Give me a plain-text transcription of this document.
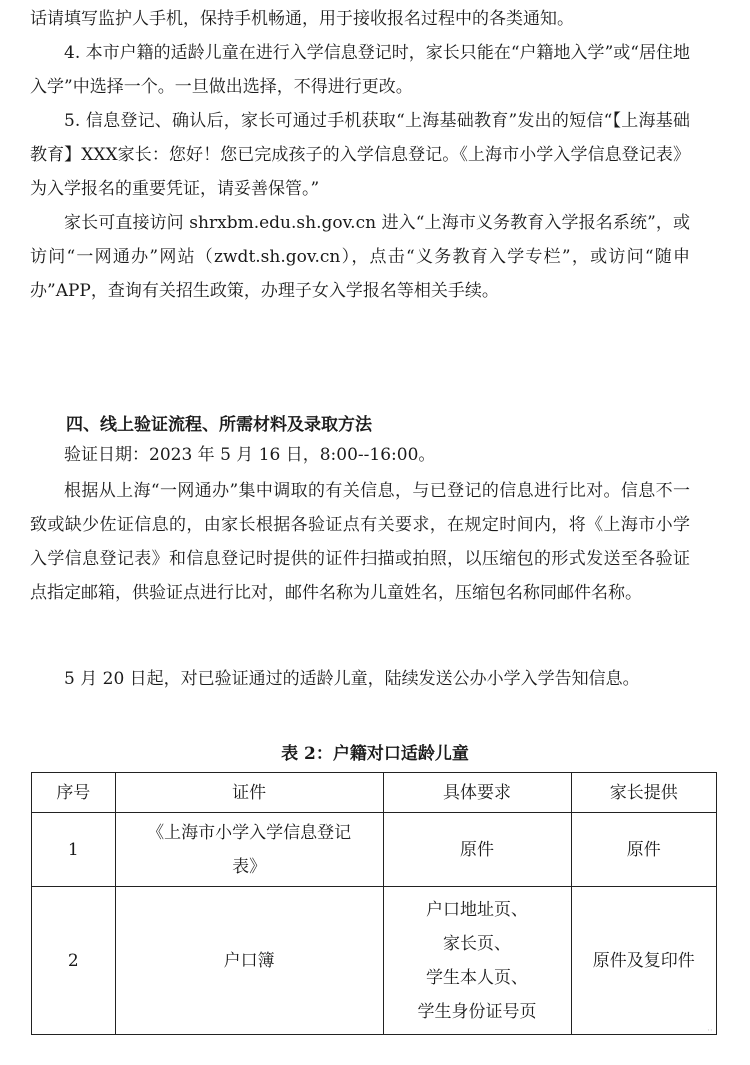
话请填写监护人手机，保持手机畅通，用于接收报名过程中的各类通知。

4. 本市户籍的适龄儿童在进行入学信息登记时，家长只能在“户籍地入学”或“居住地入学”中选择一个。一旦做出选择，不得进行更改。

5. 信息登记、确认后，家长可通过手机获取“上海基础教育”发出的短信“【上海基础教育】XXX家长：您好！您已完成孩子的入学信息登记。《上海市小学入学信息登记表》为入学报名的重要凭证，请妥善保管。”

家长可直接访问 shrxbm.edu.sh.gov.cn 进入“上海市义务教育入学报名系统”，或访问“一网通办”网站（zwdt.sh.gov.cn），点击“义务教育入学专栏”，或访问“随申办”APP，查询有关招生政策，办理子女入学报名等相关手续。

四、线上验证流程、所需材料及录取方法

验证日期：2023 年 5 月 16 日，8:00--16:00。

根据从上海“一网通办”集中调取的有关信息，与已登记的信息进行比对。信息不一致或缺少佐证信息的，由家长根据各验证点有关要求，在规定时间内，将《上海市小学入学信息登记表》和信息登记时提供的证件扫描或拍照，以压缩包的形式发送至各验证点指定邮箱，供验证点进行比对，邮件名称为儿童姓名，压缩包名称同邮件名称。

5 月 20 日起，对已验证通过的适龄儿童，陆续发送公办小学入学告知信息。

表 2：户籍对口适龄儿童

序号	证件	具体要求	家长提供
1	《上海市小学入学信息登记
表》	原件	原件
2	户口簿	户口地址页、
家长页、
学生本人页、
学生身份证号页	原件及复印件
··
